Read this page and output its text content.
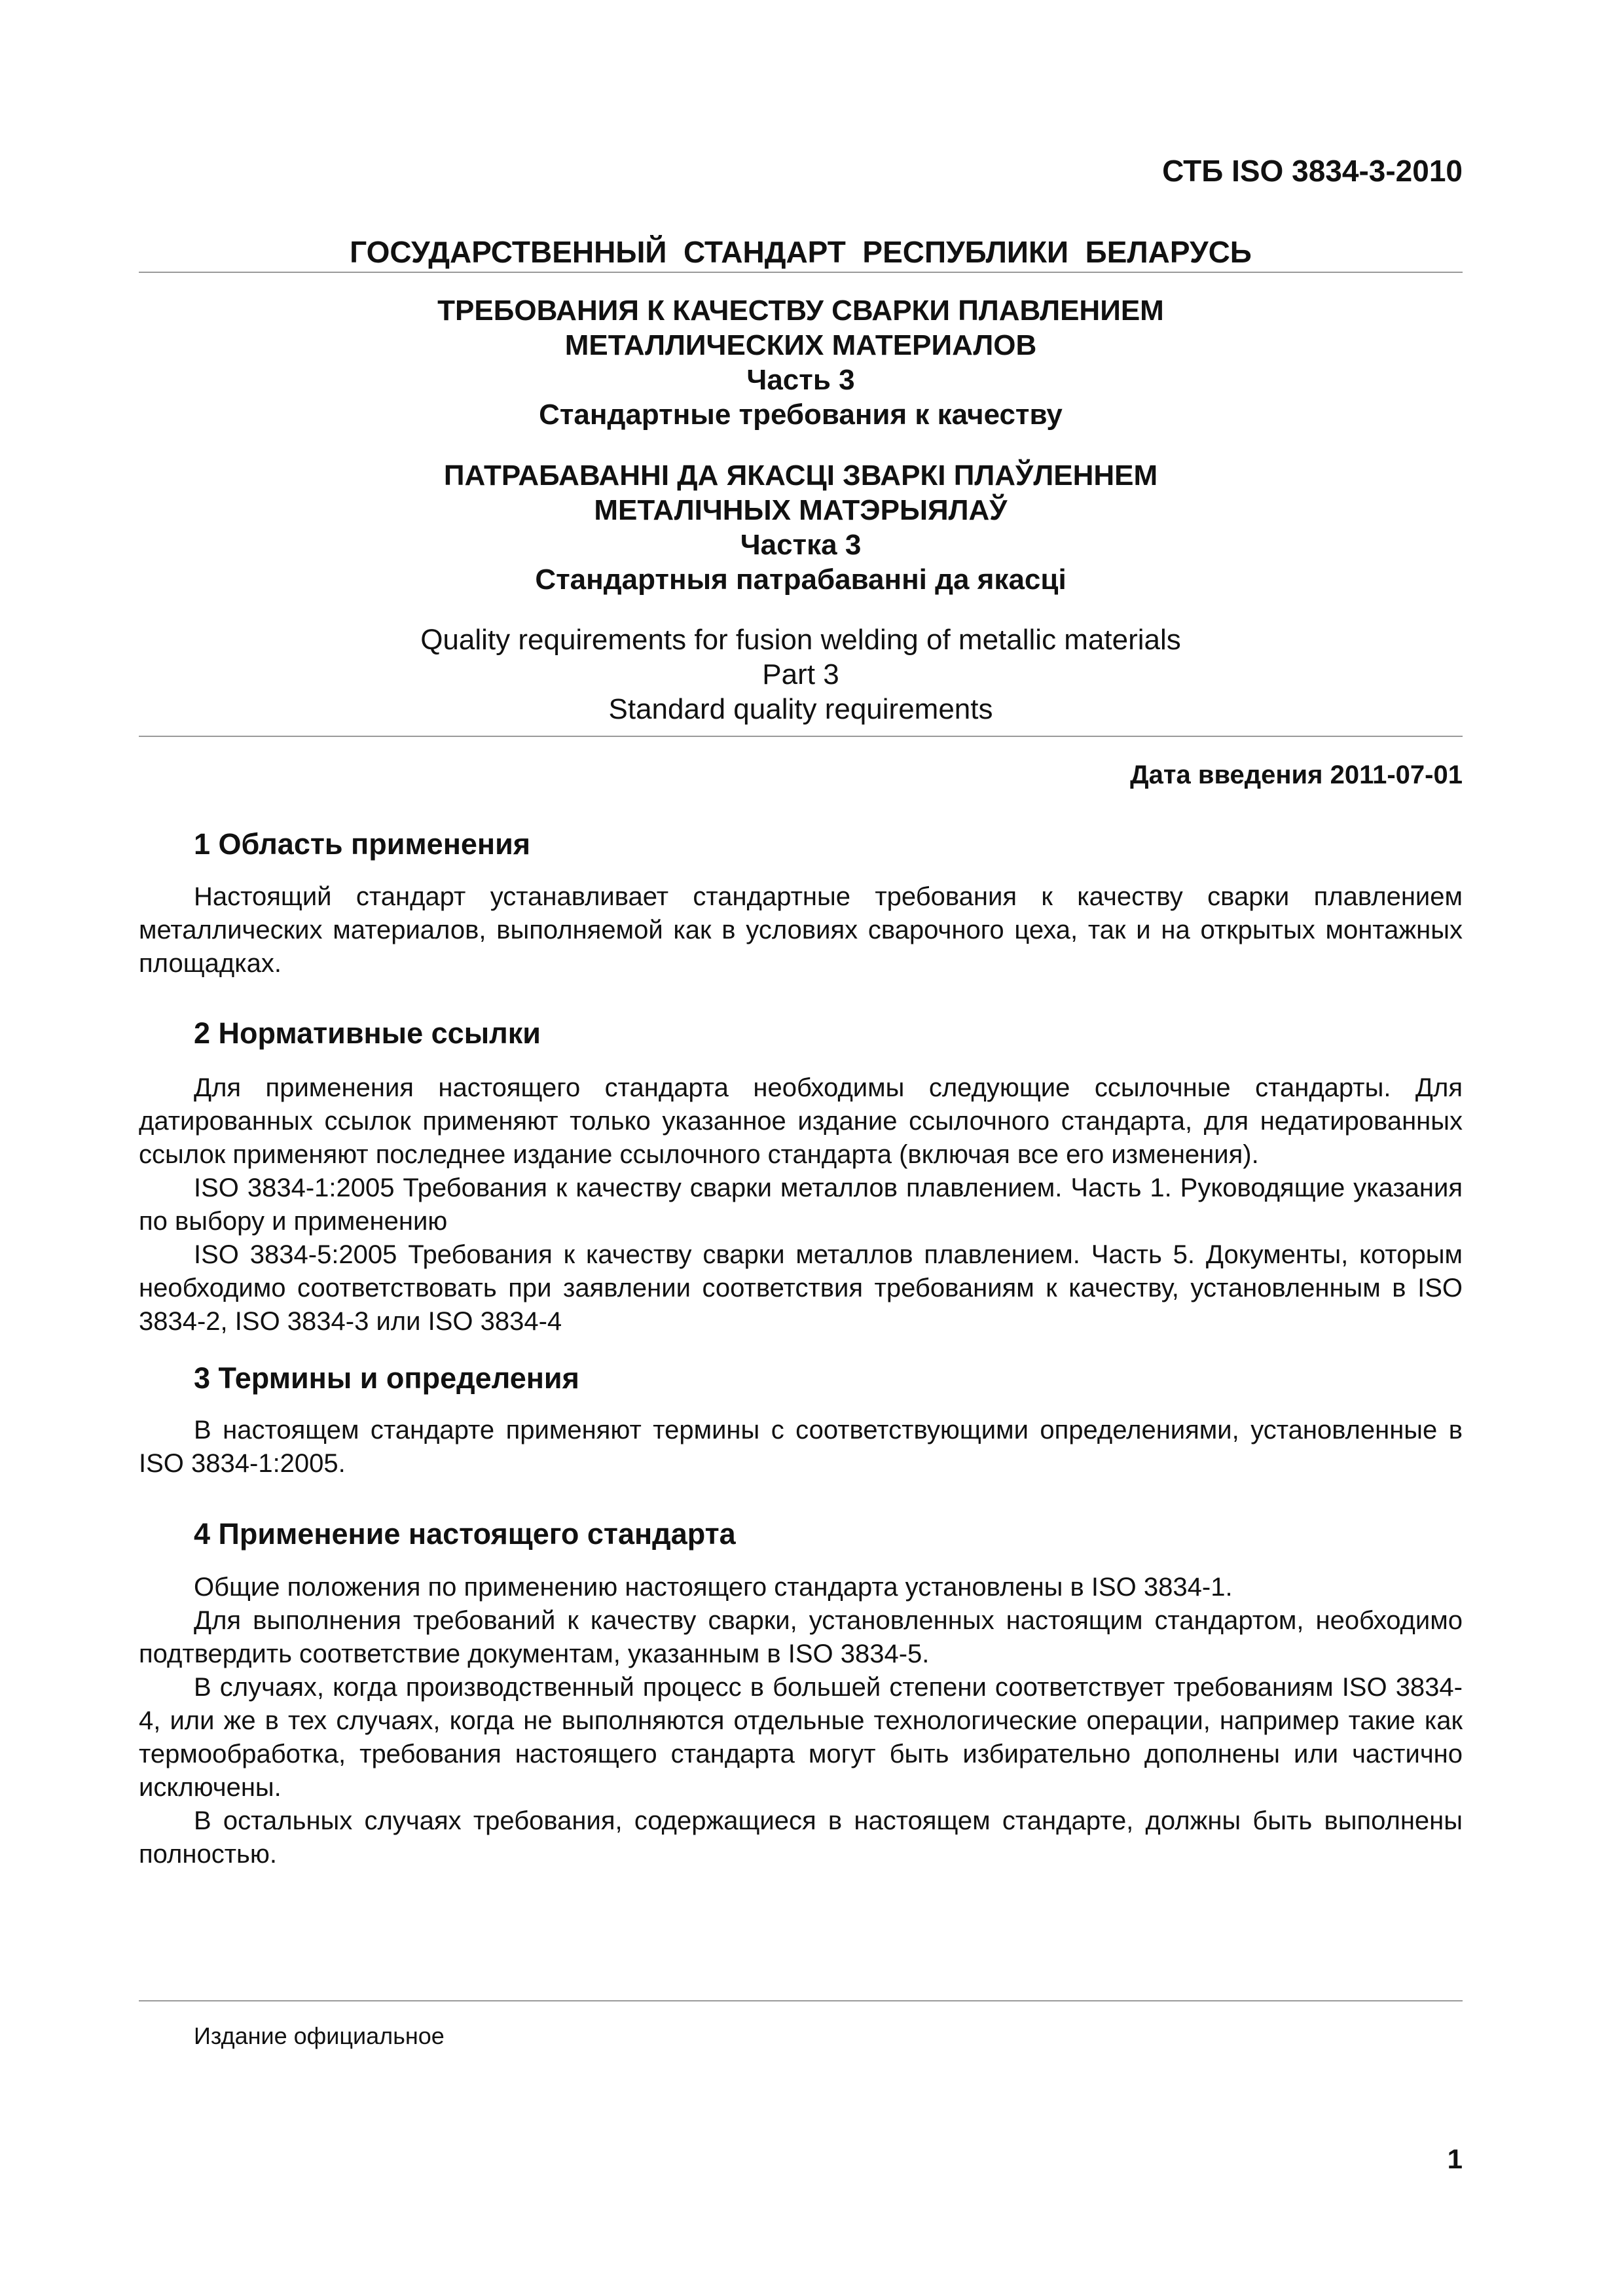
СТБ ISO 3834-3-2010
ГОСУДАРСТВЕННЫЙ  СТАНДАРТ  РЕСПУБЛИКИ  БЕЛАРУСЬ
ТРЕБОВАНИЯ К КАЧЕСТВУ СВАРКИ ПЛАВЛЕНИЕМ
МЕТАЛЛИЧЕСКИХ МАТЕРИАЛОВ
Часть 3
Стандартные требования к качеству
ПАТРАБАВАННІ ДА ЯКАСЦІ ЗВАРКІ ПЛАЎЛЕННЕМ
МЕТАЛІЧНЫХ МАТЭРЫЯЛАЎ
Частка 3
Стандартныя патрабаванні да якасці
Quality requirements for fusion welding of metallic materials
Part 3
Standard quality requirements
Дата введения 2011-07-01
1 Область применения

Настоящий стандарт устанавливает стандартные требования к качеству сварки плавлением металлических материалов, выполняемой как в условиях сварочного цеха, так и на открытых монтажных площадках.

2 Нормативные ссылки

Для применения настоящего стандарта необходимы следующие ссылочные стандарты. Для датированных ссылок применяют только указанное издание ссылочного стандарта, для недатированных ссылок применяют последнее издание ссылочного стандарта (включая все его изменения).

ISO 3834-1:2005 Требования к качеству сварки металлов плавлением. Часть 1. Руководящие указания по выбору и применению

ISO 3834-5:2005 Требования к качеству сварки металлов плавлением. Часть 5. Документы, которым необходимо соответствовать при заявлении соответствия требованиям к качеству, установленным в ISO 3834-2, ISO 3834-3 или ISO 3834-4

3 Термины и определения

В настоящем стандарте применяют термины с соответствующими определениями, установленные в ISO 3834-1:2005.

4 Применение настоящего стандарта

Общие положения по применению настоящего стандарта установлены в ISO 3834-1.

Для выполнения требований к качеству сварки, установленных настоящим стандартом, необходимо подтвердить соответствие документам, указанным в ISO 3834-5.

В случаях, когда производственный процесс в большей степени соответствует требованиям ISO 3834-4, или же в тех случаях, когда не выполняются отдельные технологические операции, например такие как термообработка, требования настоящего стандарта могут быть избирательно дополнены или частично исключены.

В остальных случаях требования, содержащиеся в настоящем стандарте, должны быть выполнены полностью.

Издание официальное
1
